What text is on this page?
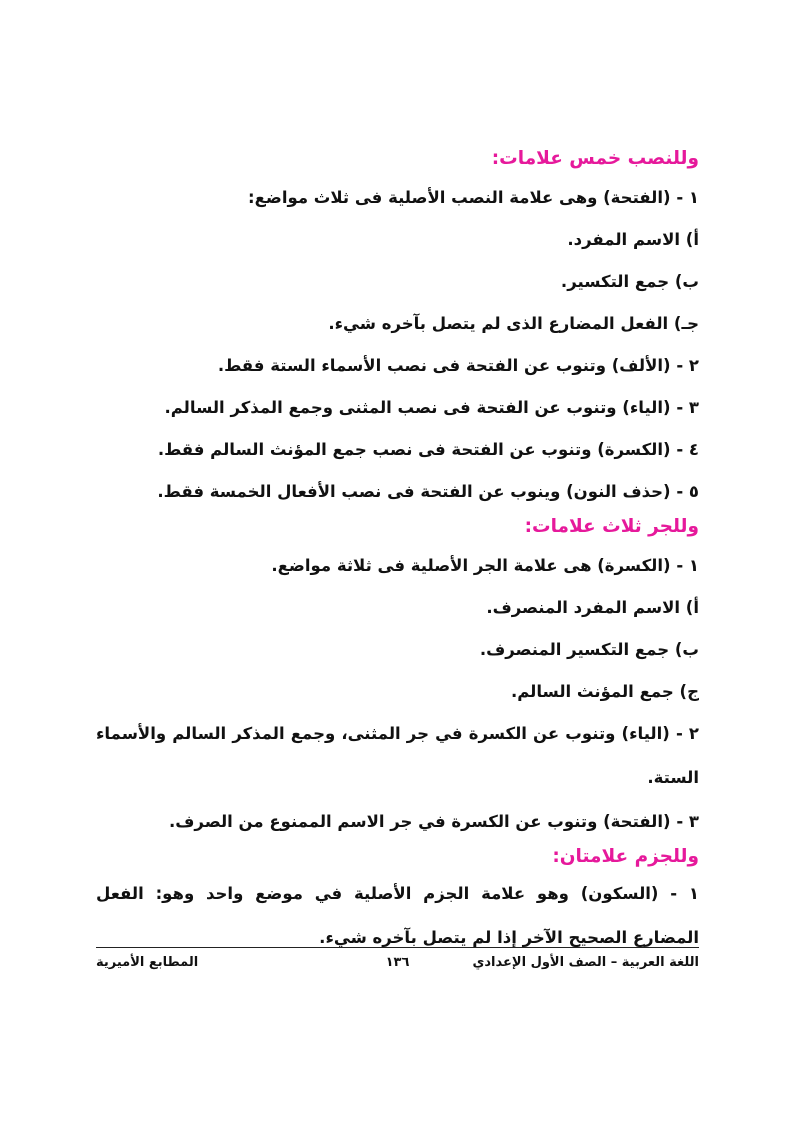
وللنصب خمس علامات:

١ - (الفتحة) وهى علامة النصب الأصلية فى ثلاث مواضع:

أ) الاسم المفرد.

ب) جمع التكسير.

جـ) الفعل المضارع الذى لم يتصل بآخره شيء.

٢ - (الألف) وتنوب عن الفتحة فى نصب الأسماء الستة فقط.

٣ - (الياء) وتنوب عن الفتحة فى نصب المثنى وجمع المذكر السالم.

٤ - (الكسرة) وتنوب عن الفتحة فى نصب جمع المؤنث السالم فقط.

٥ - (حذف النون) وينوب عن الفتحة فى نصب الأفعال الخمسة فقط.

وللجر ثلاث علامات:

١ - (الكسرة) هى علامة الجر الأصلية فى ثلاثة مواضع.

أ) الاسم المفرد المنصرف.

ب) جمع التكسير المنصرف.

ج) جمع المؤنث السالم.

٢ - (الياء) وتنوب عن الكسرة في جر المثنى، وجمع المذكر السالم والأسماء الستة.

٣ - (الفتحة) وتنوب عن الكسرة في جر الاسم الممنوع من الصرف.

وللجزم علامتان:

١ - (السكون) وهو علامة الجزم الأصلية في موضع واحد وهو: الفعل المضارع الصحيح الآخر إذا لم يتصل بآخره شيء.

اللغة العربية – الصف الأول الإعدادي
١٣٦
المطابع الأميرية
